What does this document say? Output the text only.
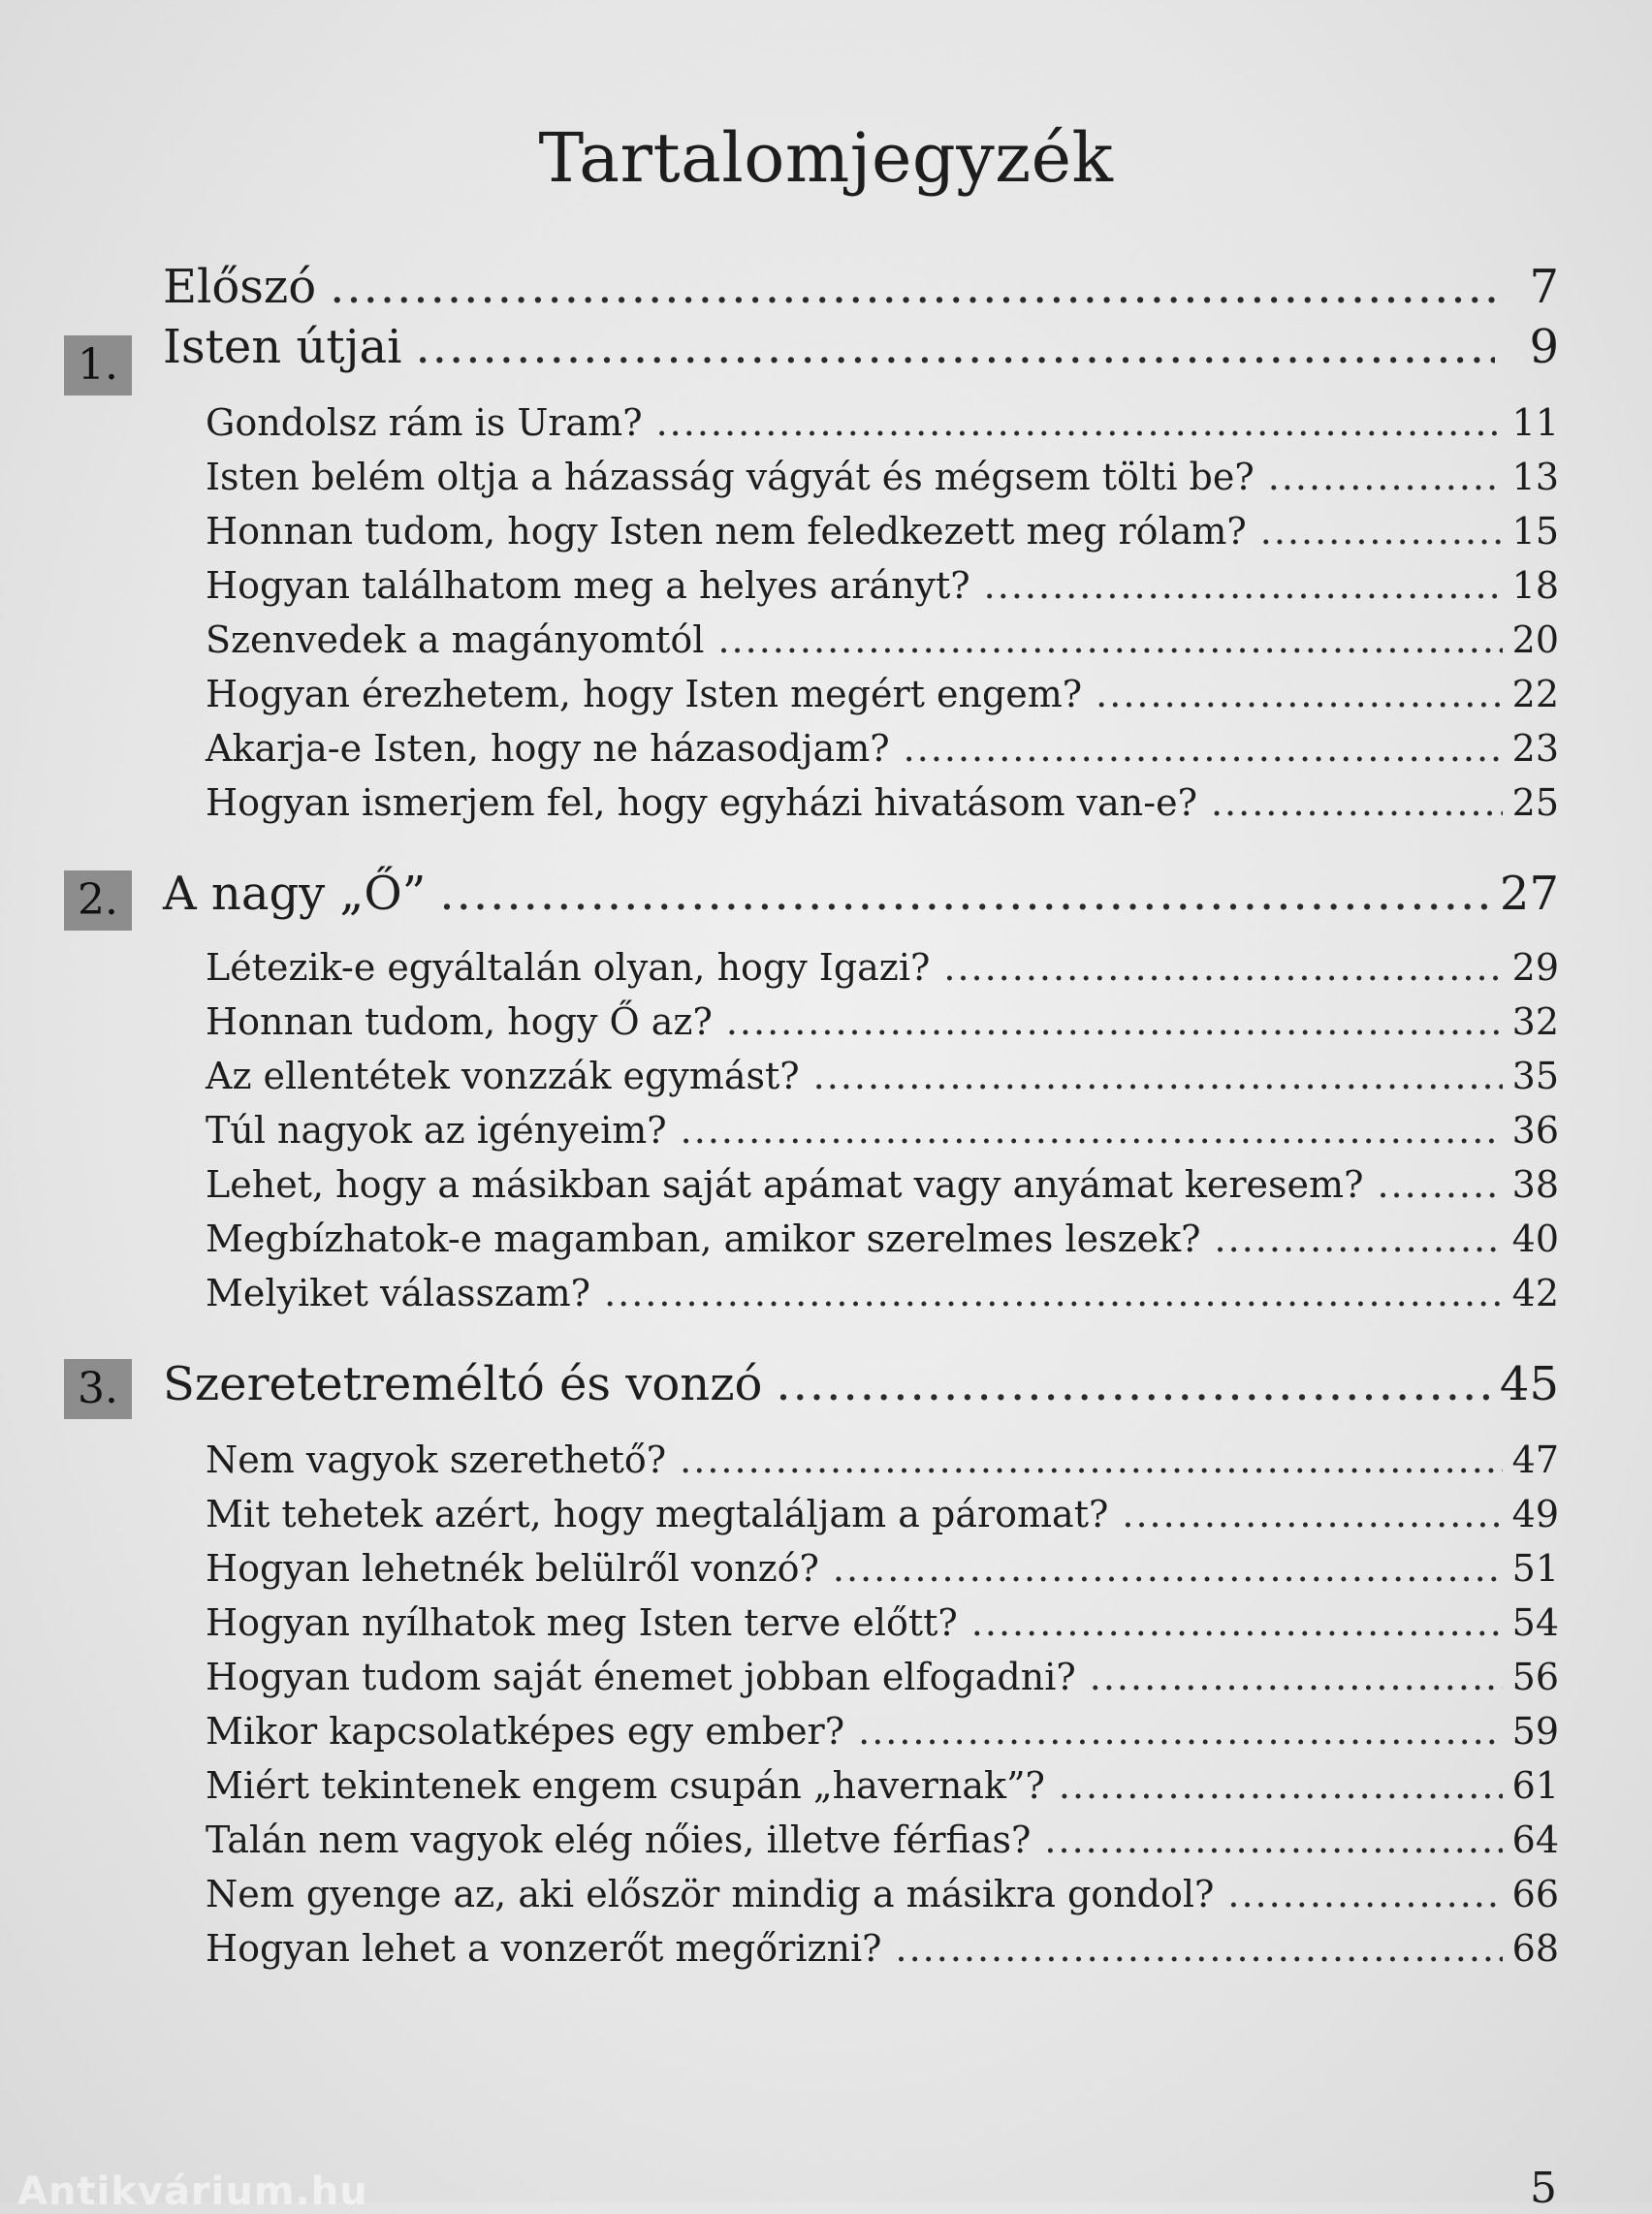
Tartalomjegyzék
Előszó .....	7
1. Isten útjai .....	9
Gondolsz rám is Uram? .....	11
Isten belém oltja a házasság vágyát és mégsem tölti be? .....	13
Honnan tudom, hogy Isten nem feledkezett meg rólam? .....	15
Hogyan találhatom meg a helyes arányt? .....	18
Szenvedek a magányomtól .....	20
Hogyan érezhetem, hogy Isten megért engem? .....	22
Akarja-e Isten, hogy ne házasodjam? .....	23
Hogyan ismerjem fel, hogy egyházi hivatásom van-e? .....	25
2. A nagy „Ő” .....	27
Létezik-e egyáltalán olyan, hogy Igazi? .....	29
Honnan tudom, hogy Ő az? .....	32
Az ellentétek vonzzák egymást? .....	35
Túl nagyok az igényeim? .....	36
Lehet, hogy a másikban saját apámat vagy anyámat keresem? .....	38
Megbízhatok-e magamban, amikor szerelmes leszek? .....	40
Melyiket válasszam? .....	42
3. Szeretetreméltó és vonzó .....	45
Nem vagyok szerethető? .....	47
Mit tehetek azért, hogy megtaláljam a páromat? .....	49
Hogyan lehetnék belülről vonzó? .....	51
Hogyan nyílhatok meg Isten terve előtt? .....	54
Hogyan tudom saját énemet jobban elfogadni? .....	56
Mikor kapcsolatképes egy ember? .....	59
Miért tekintenek engem csupán „havernak”? .....	61
Talán nem vagyok elég nőies, illetve férfias? .....	64
Nem gyenge az, aki először mindig a másikra gondol? .....	66
Hogyan lehet a vonzerőt megőrizni? .....	68
Antikvárium.hu	5
